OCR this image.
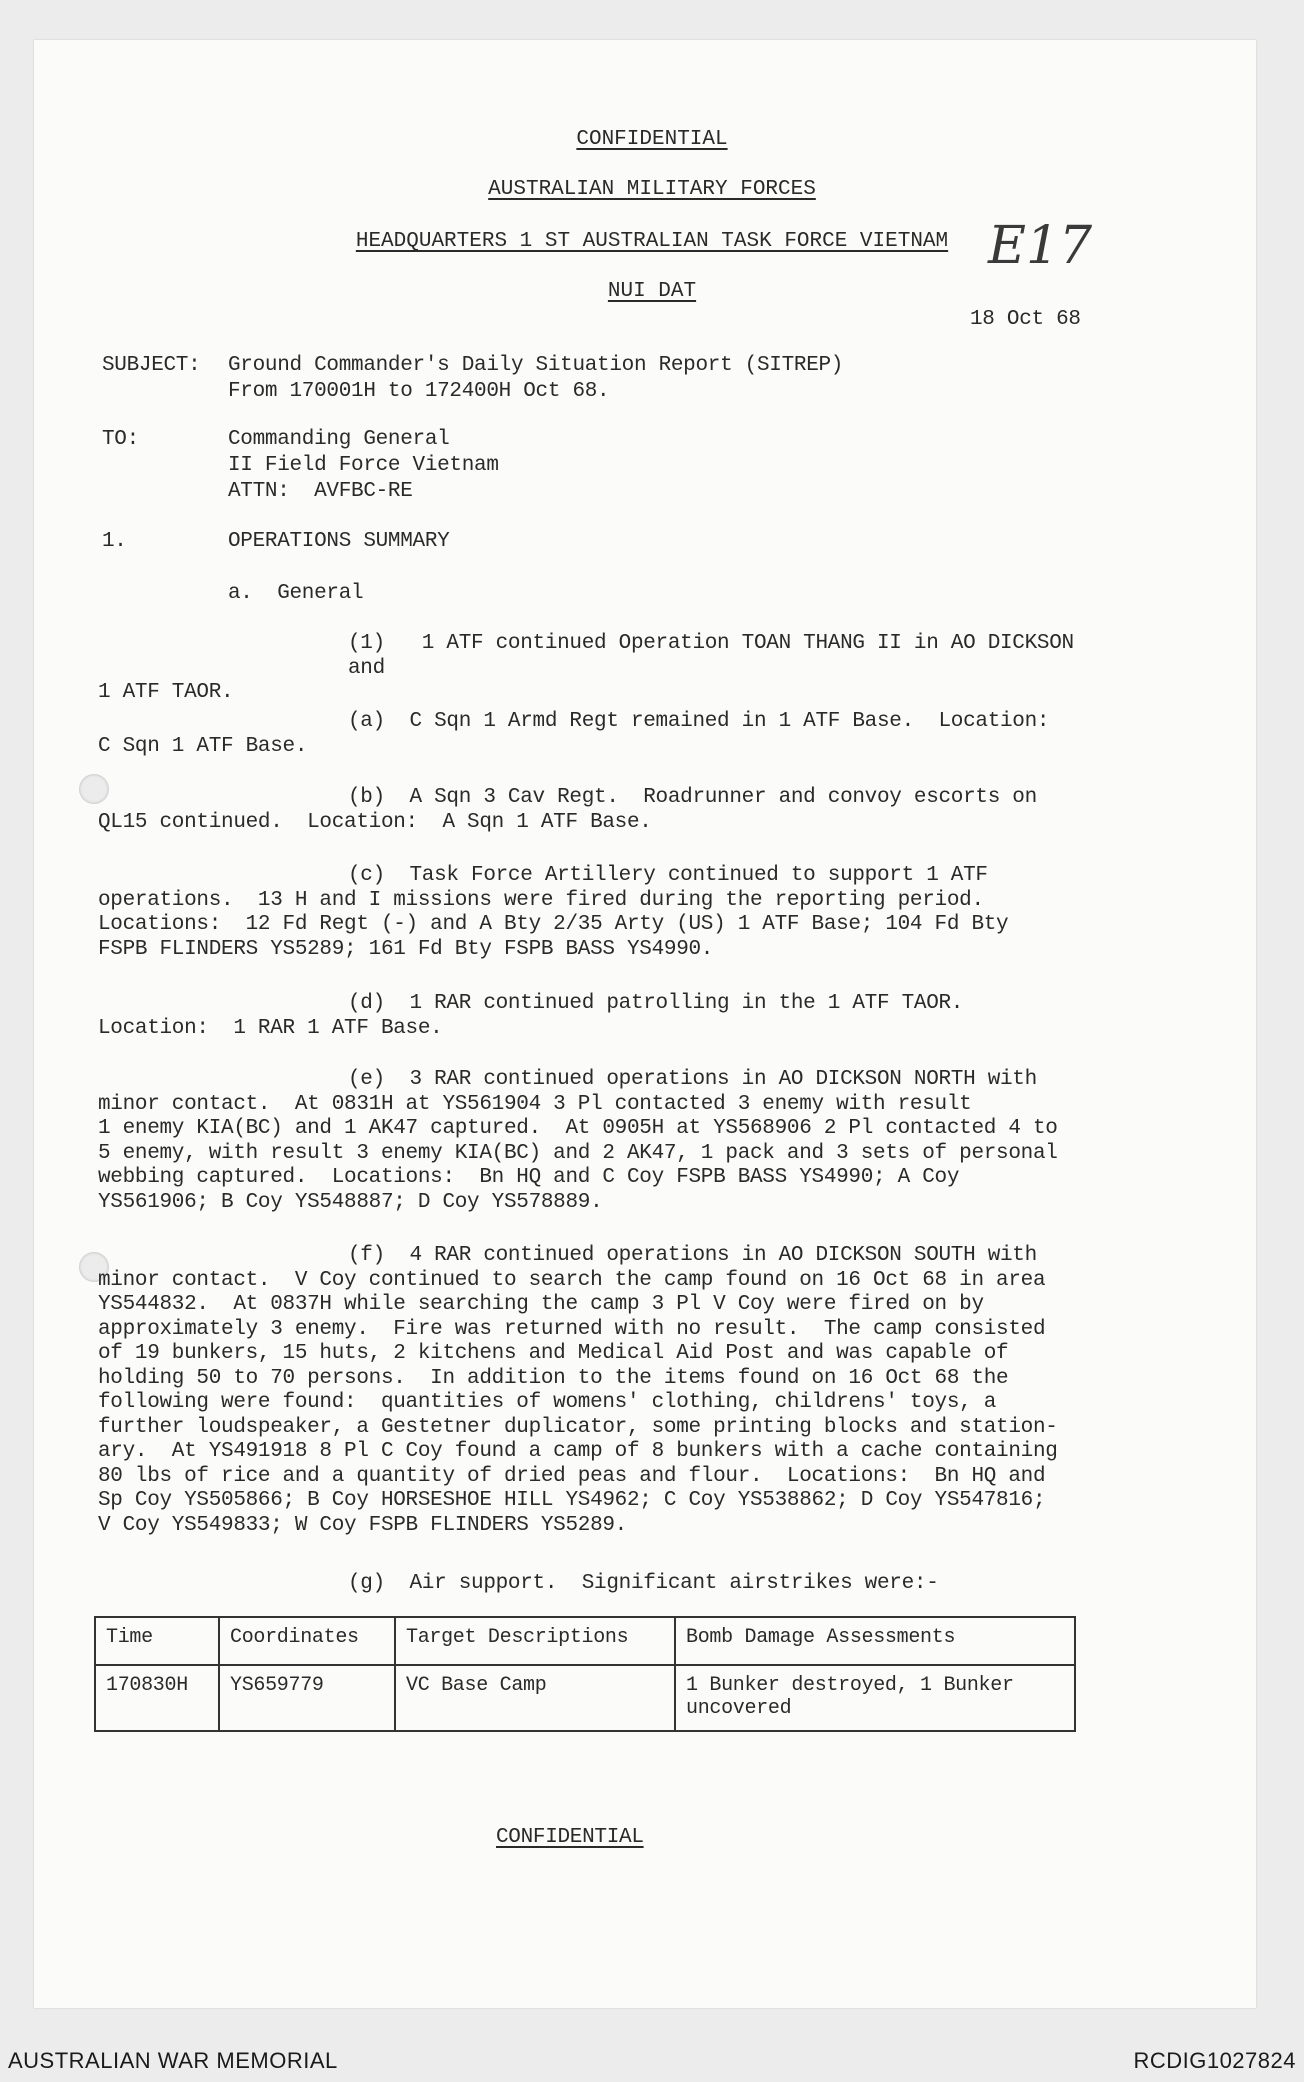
CONFIDENTIAL
AUSTRALIAN MILITARY FORCES
HEADQUARTERS 1 ST AUSTRALIAN TASK FORCE VIETNAM
NUI DAT
E17
18 Oct 68
SUBJECT: Ground Commander's Daily Situation Report (SITREP)
From 170001H to 172400H Oct 68.
TO:	Commanding General
II Field Force Vietnam
ATTN:  AVFBC-RE
1.	OPERATIONS SUMMARY
a.  General
(1)   1 ATF continued Operation TOAN THANG II in AO DICKSON and
1 ATF TAOR.
(a)  C Sqn 1 Armd Regt remained in 1 ATF Base.  Location:
C Sqn 1 ATF Base.
(b)  A Sqn 3 Cav Regt.  Roadrunner and convoy escorts on
QL15 continued.  Location:  A Sqn 1 ATF Base.
(c)  Task Force Artillery continued to support 1 ATF
operations.  13 H and I missions were fired during the reporting period.
Locations:  12 Fd Regt (-) and A Bty 2/35 Arty (US) 1 ATF Base; 104 Fd Bty
FSPB FLINDERS YS5289; 161 Fd Bty FSPB BASS YS4990.
(d)  1 RAR continued patrolling in the 1 ATF TAOR.
Location:  1 RAR 1 ATF Base.
(e)  3 RAR continued operations in AO DICKSON NORTH with
minor contact.  At 0831H at YS561904 3 Pl contacted 3 enemy with result
1 enemy KIA(BC) and 1 AK47 captured.  At 0905H at YS568906 2 Pl contacted 4 to
5 enemy, with result 3 enemy KIA(BC) and 2 AK47, 1 pack and 3 sets of personal
webbing captured.  Locations:  Bn HQ and C Coy FSPB BASS YS4990; A Coy
YS561906; B Coy YS548887; D Coy YS578889.
(f)  4 RAR continued operations in AO DICKSON SOUTH with
minor contact.  V Coy continued to search the camp found on 16 Oct 68 in area
YS544832.  At 0837H while searching the camp 3 Pl V Coy were fired on by
approximately 3 enemy.  Fire was returned with no result.  The camp consisted
of 19 bunkers, 15 huts, 2 kitchens and Medical Aid Post and was capable of
holding 50 to 70 persons.  In addition to the items found on 16 Oct 68 the
following were found:  quantities of womens' clothing, childrens' toys, a
further loudspeaker, a Gestetner duplicator, some printing blocks and station-
ary.  At YS491918 8 Pl C Coy found a camp of 8 bunkers with a cache containing
80 lbs of rice and a quantity of dried peas and flour.  Locations:  Bn HQ and
Sp Coy YS505866; B Coy HORSESHOE HILL YS4962; C Coy YS538862; D Coy YS547816;
V Coy YS549833; W Coy FSPB FLINDERS YS5289.
(g)  Air support.  Significant airstrikes were:-
Time	Coordinates	Target Descriptions	Bomb Damage Assessments
170830H	YS659779	VC Base Camp	1 Bunker destroyed, 1 Bunker uncovered
CONFIDENTIAL
AUSTRALIAN WAR MEMORIAL	RCDIG1027824
